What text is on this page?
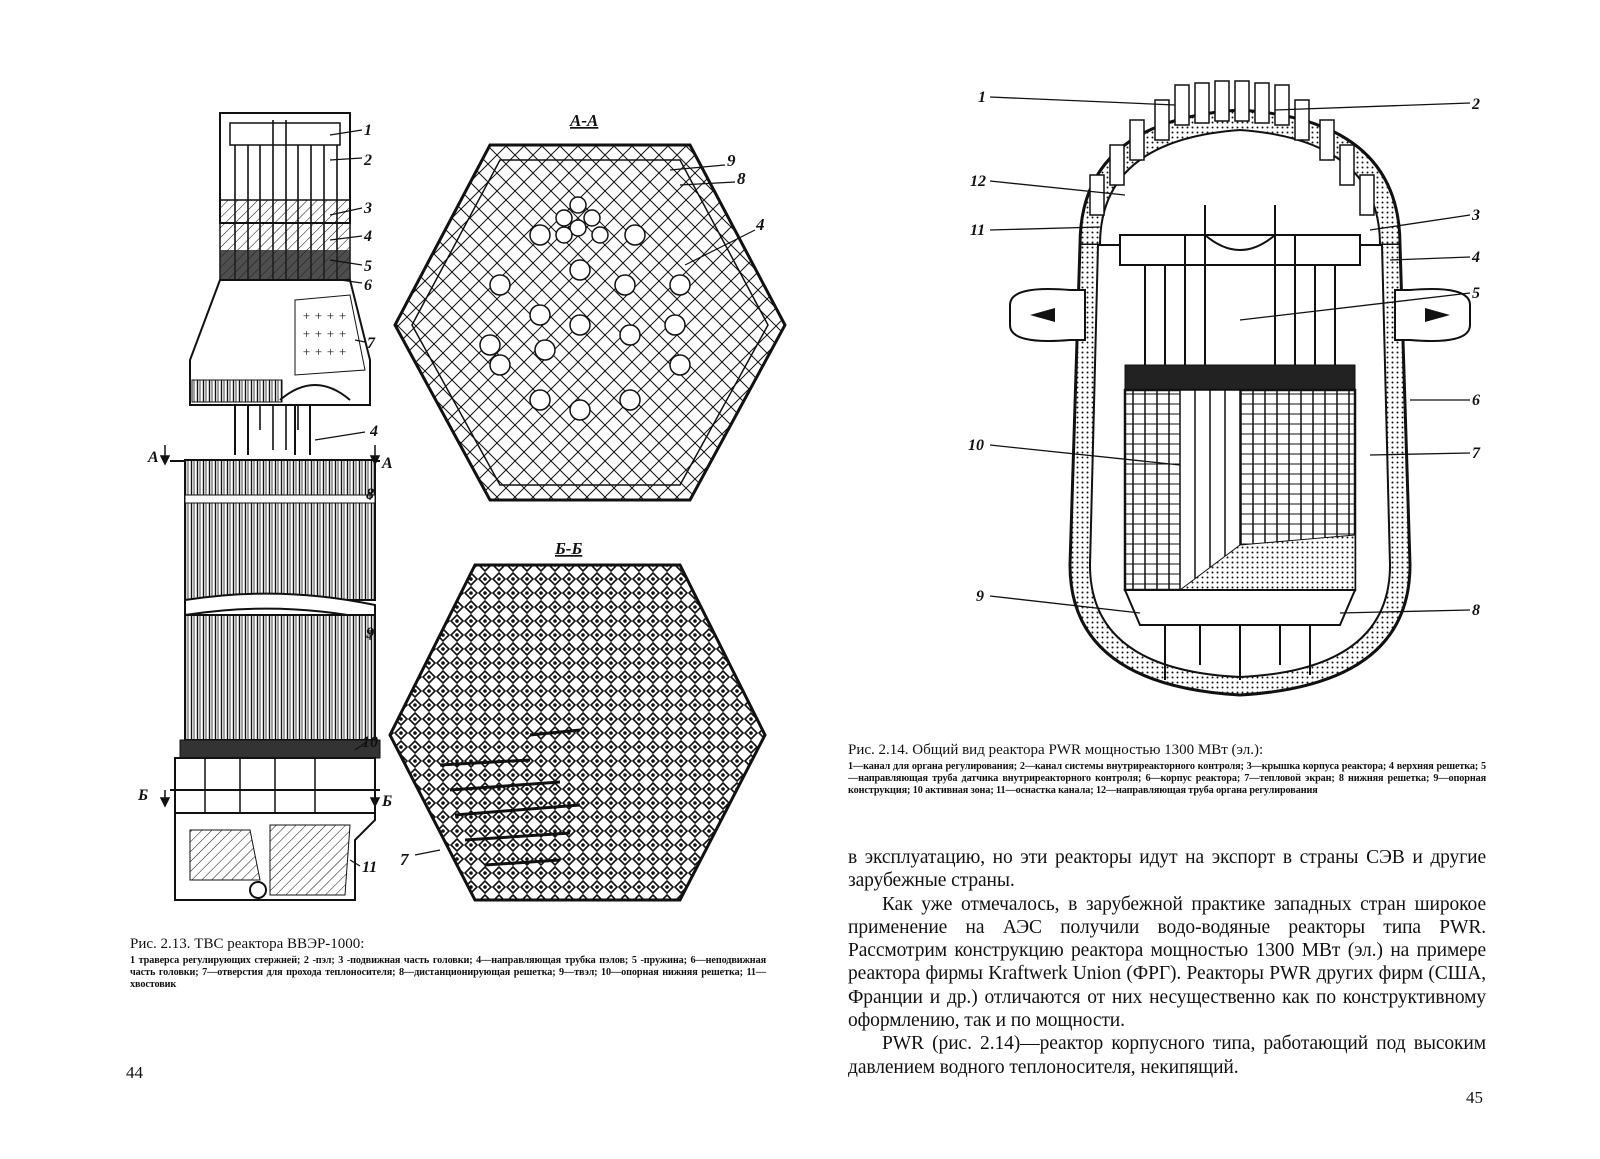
+ + + +
+ + + +
+ + + +
1
2
3
4
5
6
7
4
8
9
10
11
А	А
Б	Б
А-А
9
8
4
Б-Б
7
Рис. 2.13. ТВС реактора ВВЭР-1000:
1 траверса регулирующих стержней; 2 -пэл; 3 -подвижная часть головки; 4—направляющая трубка пэлов; 5 -пружина; 6—неподвижная часть головки; 7—отверстия для прохода теплоносителя; 8—дистанционирующая решетка; 9—твэл; 10—опорная нижняя решетка; 11— хвостовик
44
1	2
12
3
11
4
5
6
10	7
9
8
Рис. 2.14. Общий вид реактора PWR мощностью 1300 МВт (эл.):
1—канал для органа регулирования; 2—канал системы внутриреакторного контроля; 3—крышка корпуса реактора; 4 верхняя решетка; 5—направляющая труба датчика внутриреакторного контроля; 6—корпус реактора; 7—тепловой экран; 8 нижняя решетка; 9—опорная конструкция; 10 активная зона; 11—оснастка канала; 12—направляющая труба органа регулирования

в эксплуатацию, но эти реакторы идут на экспорт в страны СЭВ и другие зарубежные страны.

Как уже отмечалось, в зарубежной практике западных стран широкое применение на АЭС получили водо-водяные реакторы типа PWR. Рассмотрим конструкцию реактора мощностью 1300 МВт (эл.) на примере реактора фирмы Kraftwerk Union (ФРГ). Реакторы PWR других фирм (США, Франции и др.) отличаются от них несущественно как по конструктивному оформлению, так и по мощности.

PWR (рис. 2.14)—реактор корпусного типа, работающий под высоким давлением водного теплоносителя, некипящий.

45
